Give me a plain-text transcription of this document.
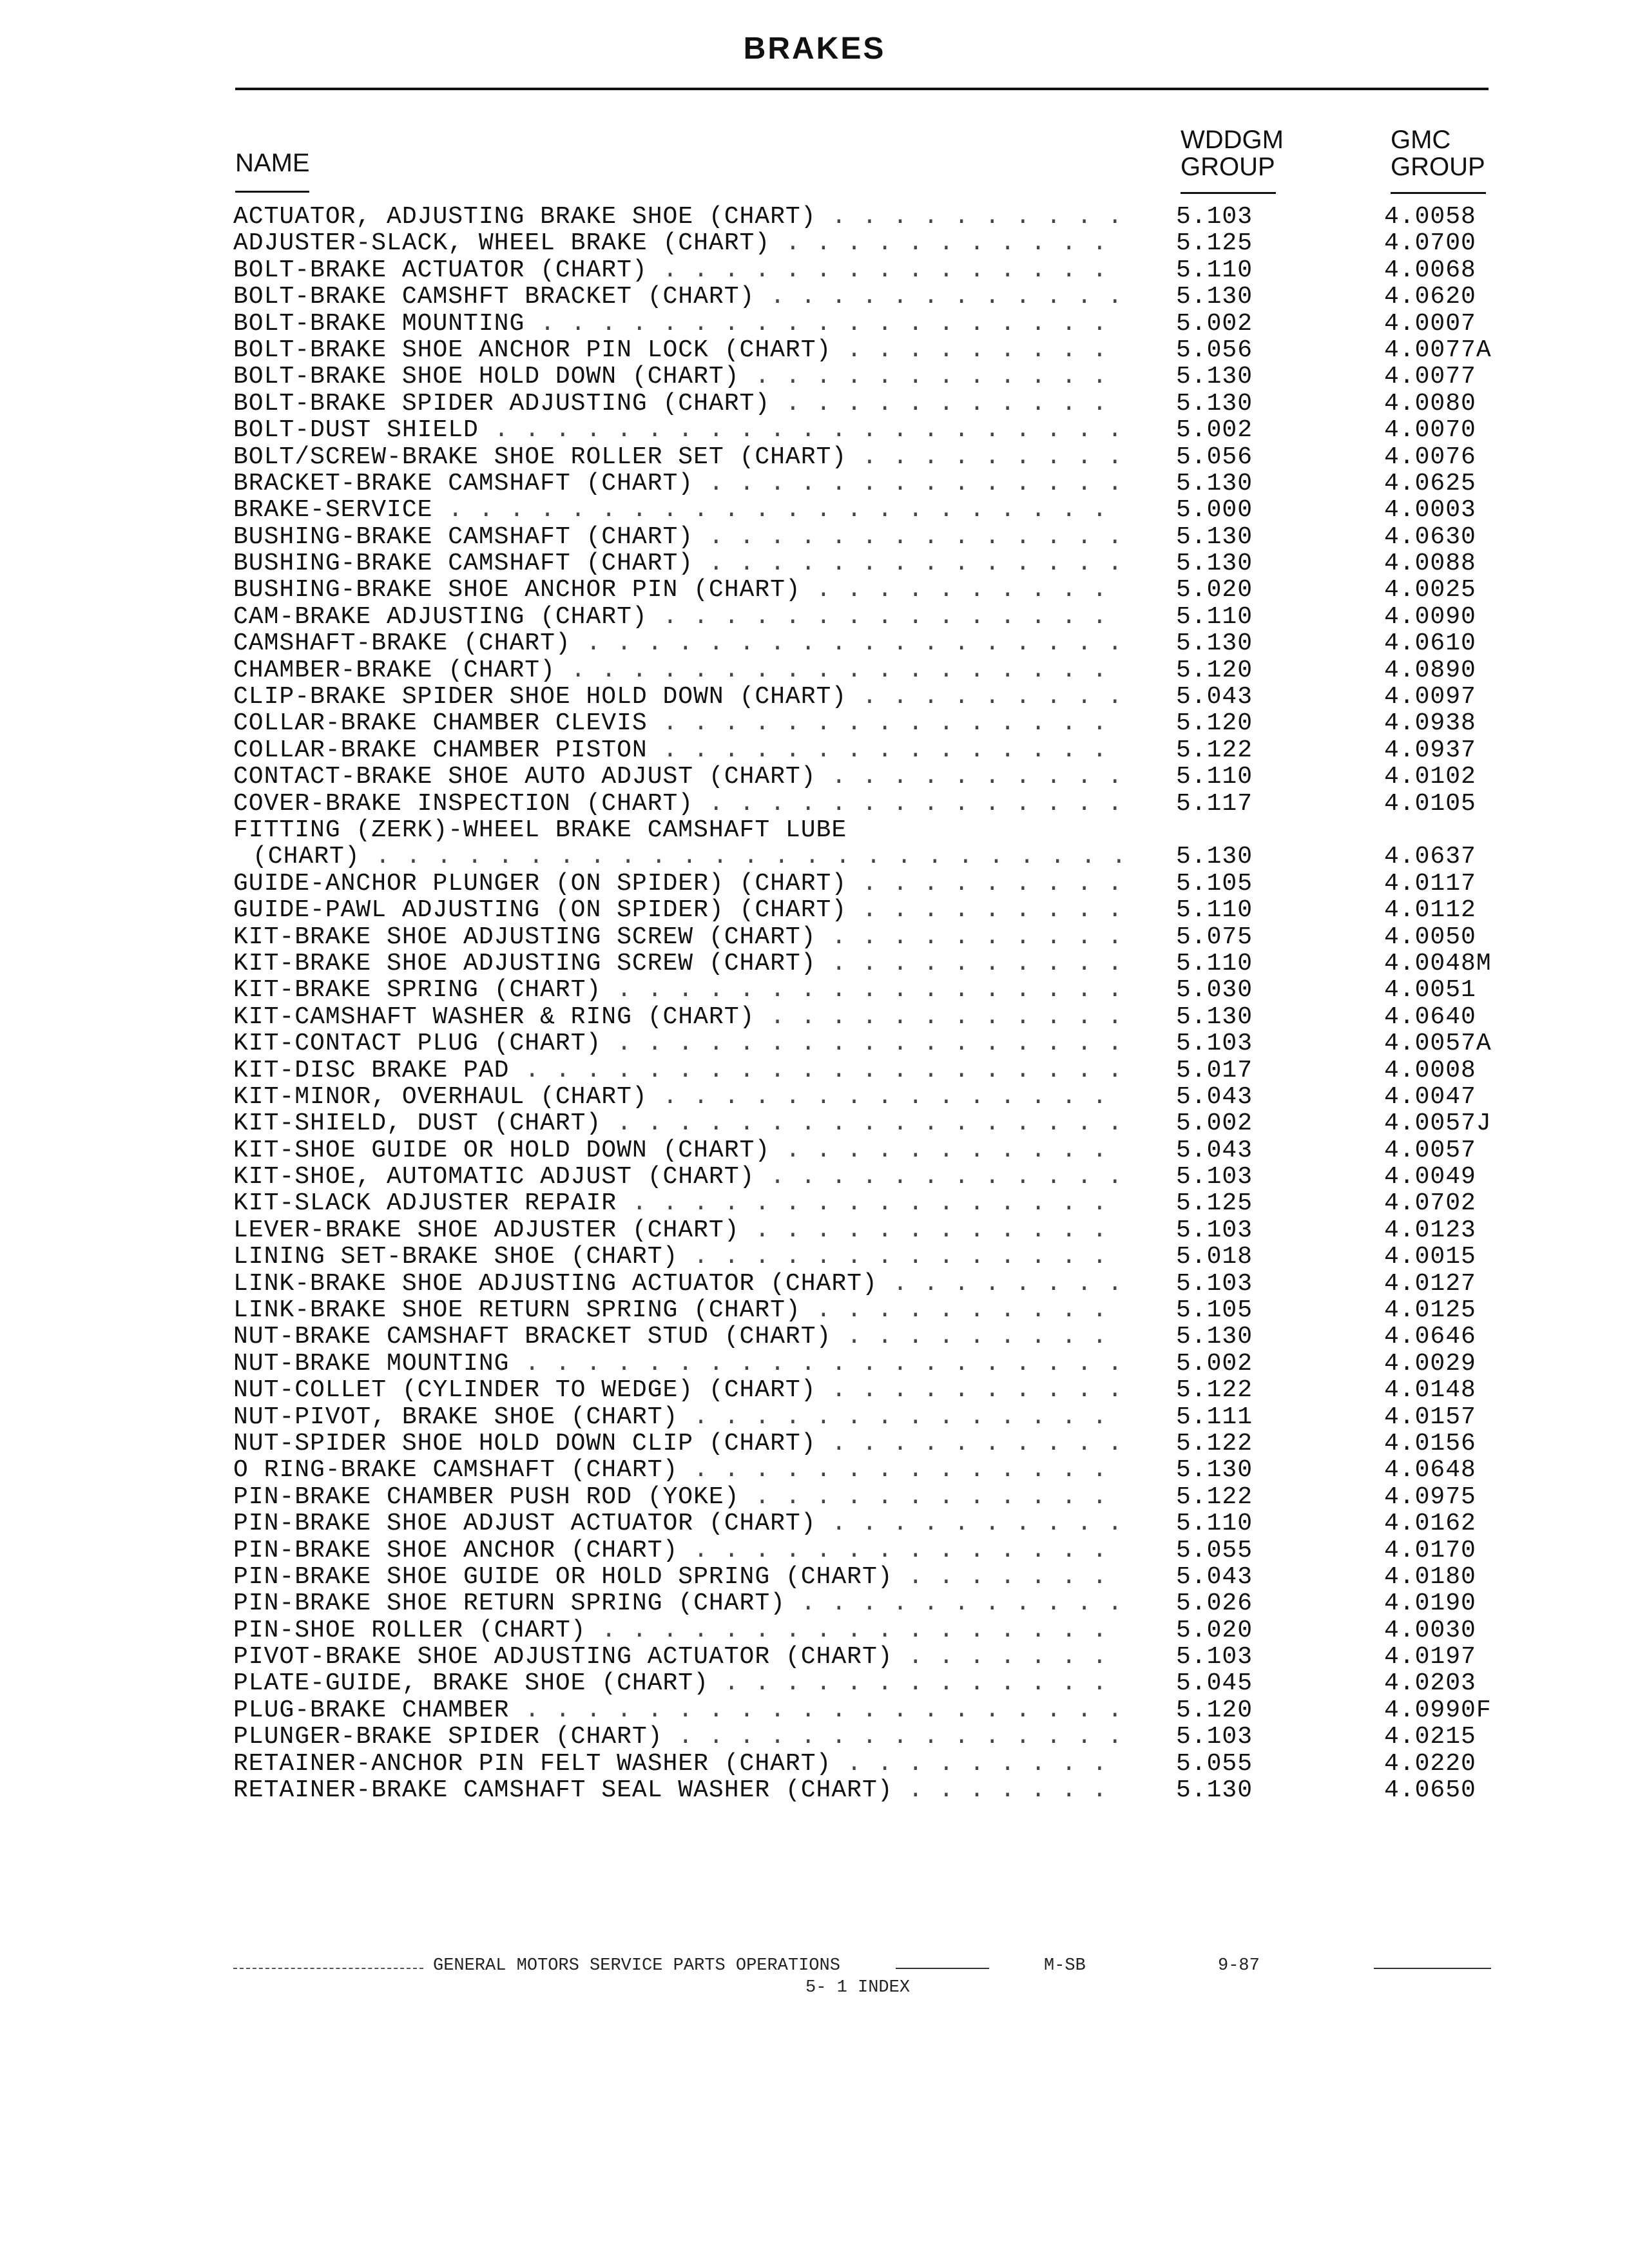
BRAKES
NAME
WDDGM
GROUP
GMC
GROUP
ACTUATOR, ADJUSTING BRAKE SHOE (CHART) . . .	5.103	4.0058
ADJUSTER-SLACK, WHEEL BRAKE (CHART) . . .	5.125	4.0700
BOLT-BRAKE ACTUATOR (CHART) . . .	5.110	4.0068
BOLT-BRAKE CAMSHFT BRACKET (CHART) . . .	5.130	4.0620
BOLT-BRAKE MOUNTING . . .	5.002	4.0007
BOLT-BRAKE SHOE ANCHOR PIN LOCK (CHART) . . .	5.056	4.0077A
BOLT-BRAKE SHOE HOLD DOWN (CHART) . . .	5.130	4.0077
BOLT-BRAKE SPIDER ADJUSTING (CHART) . . .	5.130	4.0080
BOLT-DUST SHIELD . . .	5.002	4.0070
BOLT/SCREW-BRAKE SHOE ROLLER SET (CHART) . . .	5.056	4.0076
BRACKET-BRAKE CAMSHAFT (CHART) . . .	5.130	4.0625
BRAKE-SERVICE . . .	5.000	4.0003
BUSHING-BRAKE CAMSHAFT (CHART) . . .	5.130	4.0630
BUSHING-BRAKE CAMSHAFT (CHART) . . .	5.130	4.0088
BUSHING-BRAKE SHOE ANCHOR PIN (CHART) . . .	5.020	4.0025
CAM-BRAKE ADJUSTING (CHART) . . .	5.110	4.0090
CAMSHAFT-BRAKE (CHART) . . .	5.130	4.0610
CHAMBER-BRAKE (CHART) . . .	5.120	4.0890
CLIP-BRAKE SPIDER SHOE HOLD DOWN (CHART) . . .	5.043	4.0097
COLLAR-BRAKE CHAMBER CLEVIS . . .	5.120	4.0938
COLLAR-BRAKE CHAMBER PISTON . . .	5.122	4.0937
CONTACT-BRAKE SHOE AUTO ADJUST (CHART) . . .	5.110	4.0102
COVER-BRAKE INSPECTION (CHART) . . .	5.117	4.0105
FITTING (ZERK)-WHEEL BRAKE CAMSHAFT LUBE
(CHART) . . .	5.130	4.0637
GUIDE-ANCHOR PLUNGER (ON SPIDER) (CHART) . . .	5.105	4.0117
GUIDE-PAWL ADJUSTING (ON SPIDER) (CHART) . . .	5.110	4.0112
KIT-BRAKE SHOE ADJUSTING SCREW (CHART) . . .	5.075	4.0050
KIT-BRAKE SHOE ADJUSTING SCREW (CHART) . . .	5.110	4.0048M
KIT-BRAKE SPRING (CHART) . . .	5.030	4.0051
KIT-CAMSHAFT WASHER & RING (CHART) . . .	5.130	4.0640
KIT-CONTACT PLUG (CHART) . . .	5.103	4.0057A
KIT-DISC BRAKE PAD . . .	5.017	4.0008
KIT-MINOR, OVERHAUL (CHART) . . .	5.043	4.0047
KIT-SHIELD, DUST (CHART) . . .	5.002	4.0057J
KIT-SHOE GUIDE OR HOLD DOWN (CHART) . . .	5.043	4.0057
KIT-SHOE, AUTOMATIC ADJUST (CHART) . . .	5.103	4.0049
KIT-SLACK ADJUSTER REPAIR . . .	5.125	4.0702
LEVER-BRAKE SHOE ADJUSTER (CHART) . . .	5.103	4.0123
LINING SET-BRAKE SHOE (CHART) . . .	5.018	4.0015
LINK-BRAKE SHOE ADJUSTING ACTUATOR (CHART) . . .	5.103	4.0127
LINK-BRAKE SHOE RETURN SPRING (CHART) . . .	5.105	4.0125
NUT-BRAKE CAMSHAFT BRACKET STUD (CHART) . . .	5.130	4.0646
NUT-BRAKE MOUNTING . . .	5.002	4.0029
NUT-COLLET (CYLINDER TO WEDGE) (CHART) . . .	5.122	4.0148
NUT-PIVOT, BRAKE SHOE (CHART) . . .	5.111	4.0157
NUT-SPIDER SHOE HOLD DOWN CLIP (CHART) . . .	5.122	4.0156
O RING-BRAKE CAMSHAFT (CHART) . . .	5.130	4.0648
PIN-BRAKE CHAMBER PUSH ROD (YOKE) . . .	5.122	4.0975
PIN-BRAKE SHOE ADJUST ACTUATOR (CHART) . . .	5.110	4.0162
PIN-BRAKE SHOE ANCHOR (CHART) . . .	5.055	4.0170
PIN-BRAKE SHOE GUIDE OR HOLD SPRING (CHART) . . .	5.043	4.0180
PIN-BRAKE SHOE RETURN SPRING (CHART) . . .	5.026	4.0190
PIN-SHOE ROLLER (CHART) . . .	5.020	4.0030
PIVOT-BRAKE SHOE ADJUSTING ACTUATOR (CHART) . . .	5.103	4.0197
PLATE-GUIDE, BRAKE SHOE (CHART) . . .	5.045	4.0203
PLUG-BRAKE CHAMBER . . .	5.120	4.0990F
PLUNGER-BRAKE SPIDER (CHART) . . .	5.103	4.0215
RETAINER-ANCHOR PIN FELT WASHER (CHART) . . .	5.055	4.0220
RETAINER-BRAKE CAMSHAFT SEAL WASHER (CHART) . . .	5.130	4.0650
GENERAL MOTORS SERVICE PARTS OPERATIONS	M-SB	9-87
5- 1 INDEX
